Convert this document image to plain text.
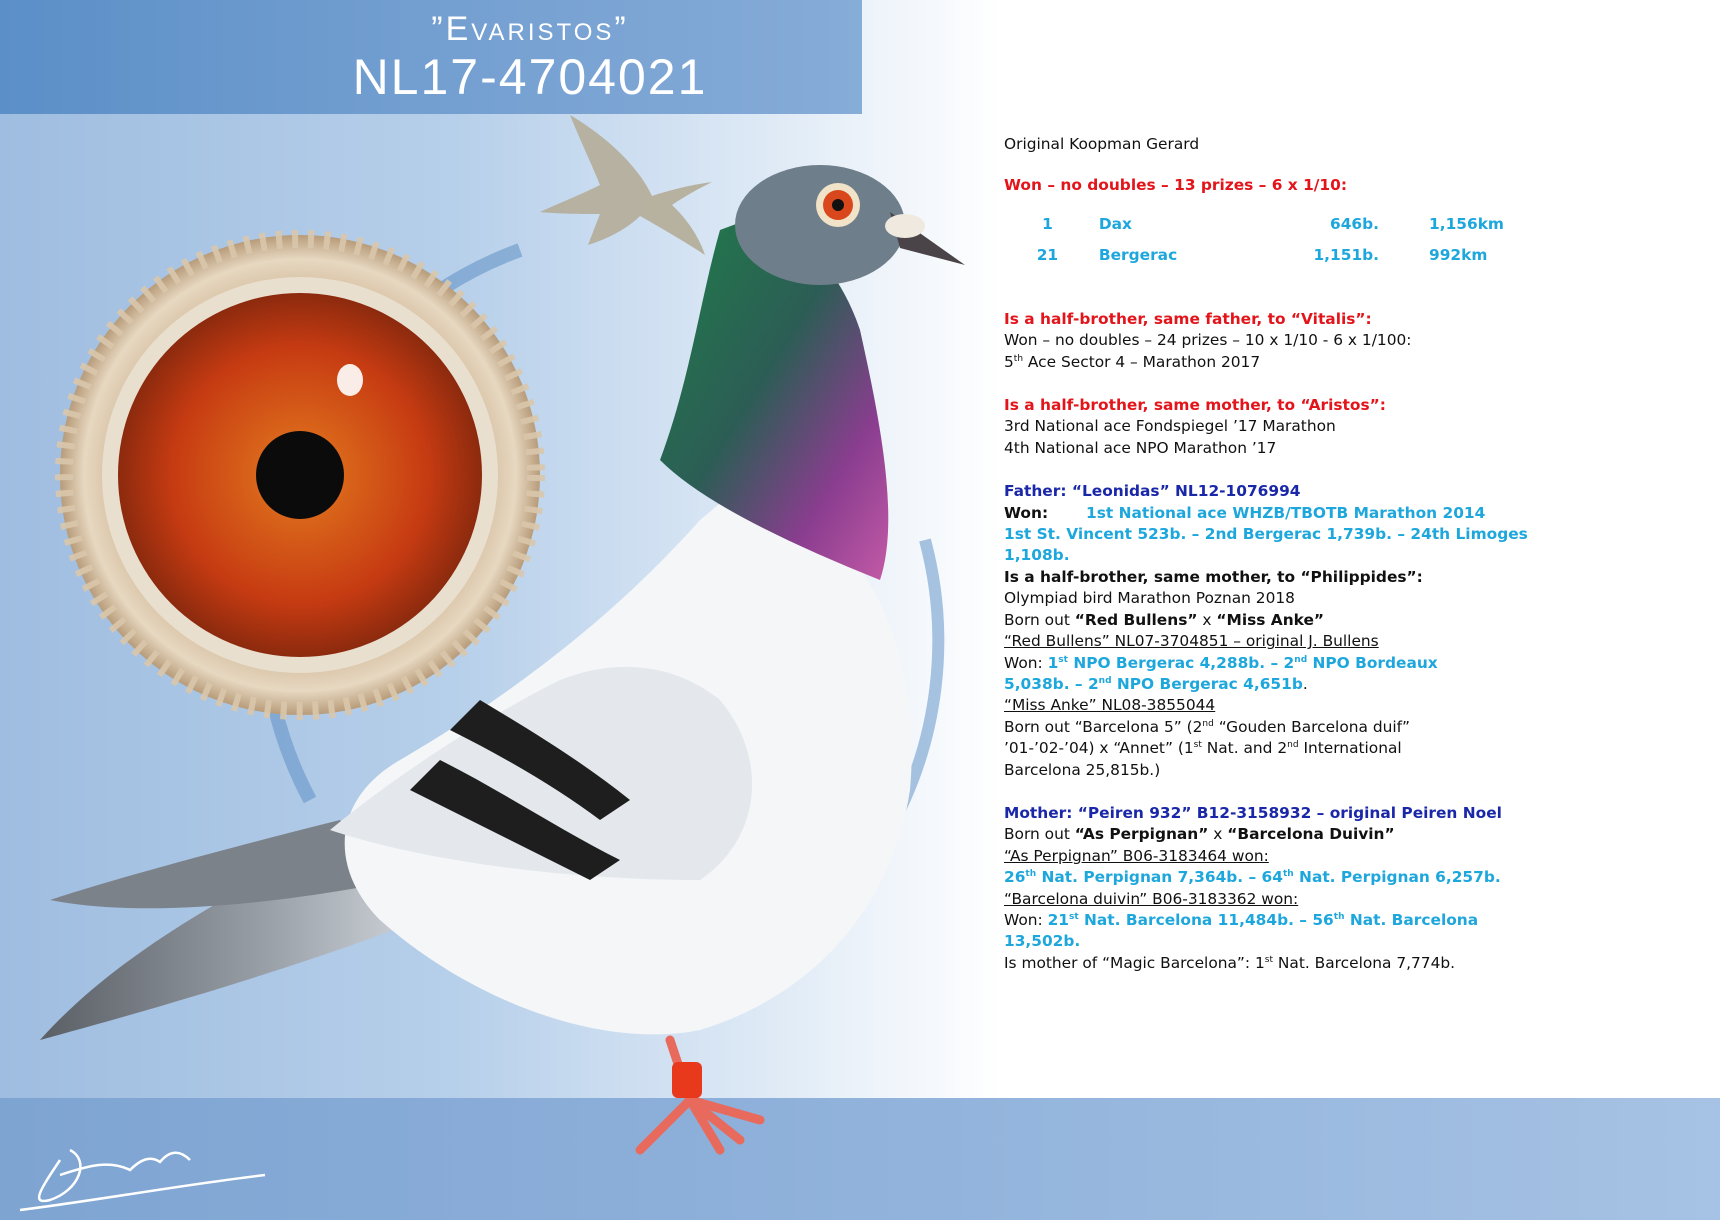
”Evaristos”
NL17-4704021

Original Koopman Gerard

Won – no doubles – 13 prizes – 6 x 1/10:

1	Dax	646b.	1,156km
21	Bergerac	1,151b.	992km

Is a half-brother, same father, to “Vitalis”:

Won – no doubles – 24 prizes – 10 x 1/10 - 6 x 1/100:

5th Ace Sector 4 – Marathon 2017

Is a half-brother, same mother, to “Aristos”:

3rd National ace Fondspiegel ’17 Marathon

4th National ace NPO Marathon ’17

Father: “Leonidas” NL12-1076994

Won: 1st National ace WHZB/TBOTB Marathon 2014

1st St. Vincent 523b. – 2nd Bergerac 1,739b. – 24th Limoges

1,108b.

Is a half-brother, same mother, to “Philippides”:

Olympiad bird Marathon Poznan 2018

Born out “Red Bullens” x “Miss Anke”

“Red Bullens” NL07-3704851 – original J. Bullens

Won: 1st NPO Bergerac 4,288b. – 2nd NPO Bordeaux

5,038b. – 2nd NPO Bergerac 4,651b.

“Miss Anke” NL08-3855044

Born out “Barcelona 5” (2nd “Gouden Barcelona duif”

’01-’02-’04) x “Annet” (1st Nat. and 2nd International

Barcelona 25,815b.)

Mother: “Peiren 932” B12-3158932 – original Peiren Noel

Born out “As Perpignan” x “Barcelona Duivin”

“As Perpignan” B06-3183464 won:

26th Nat. Perpignan 7,364b. – 64th Nat. Perpignan 6,257b.

“Barcelona duivin” B06-3183362 won:

Won: 21st Nat. Barcelona 11,484b. – 56th Nat. Barcelona

13,502b.

Is mother of “Magic Barcelona”: 1st Nat. Barcelona 7,774b.
